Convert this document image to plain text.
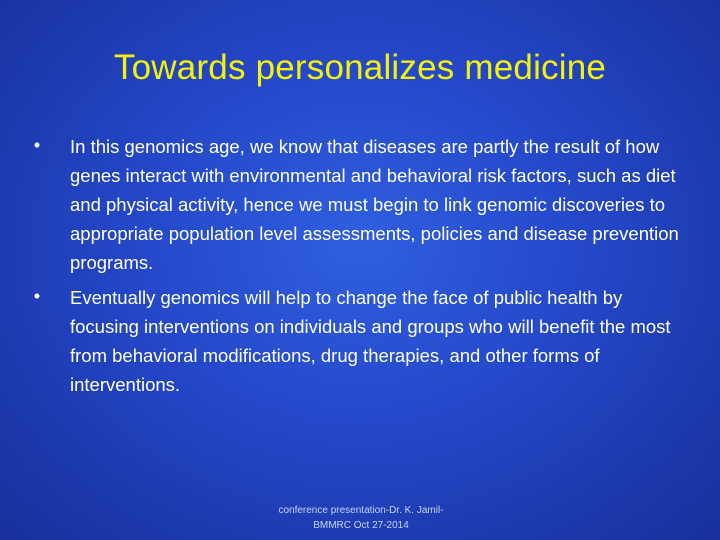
Towards personalizes medicine
• In this genomics age, we know that diseases are partly the result of how genes interact with environmental and behavioral risk factors, such as diet and physical activity, hence we must begin to link genomic discoveries to appropriate population level assessments, policies and disease prevention programs.
• Eventually genomics will help to change the face of public health by focusing interventions on individuals and groups who will benefit the most from behavioral modifications, drug therapies, and other forms of interventions.
conference presentation-Dr. K. Jamil-
BMMRC Oct 27-2014
